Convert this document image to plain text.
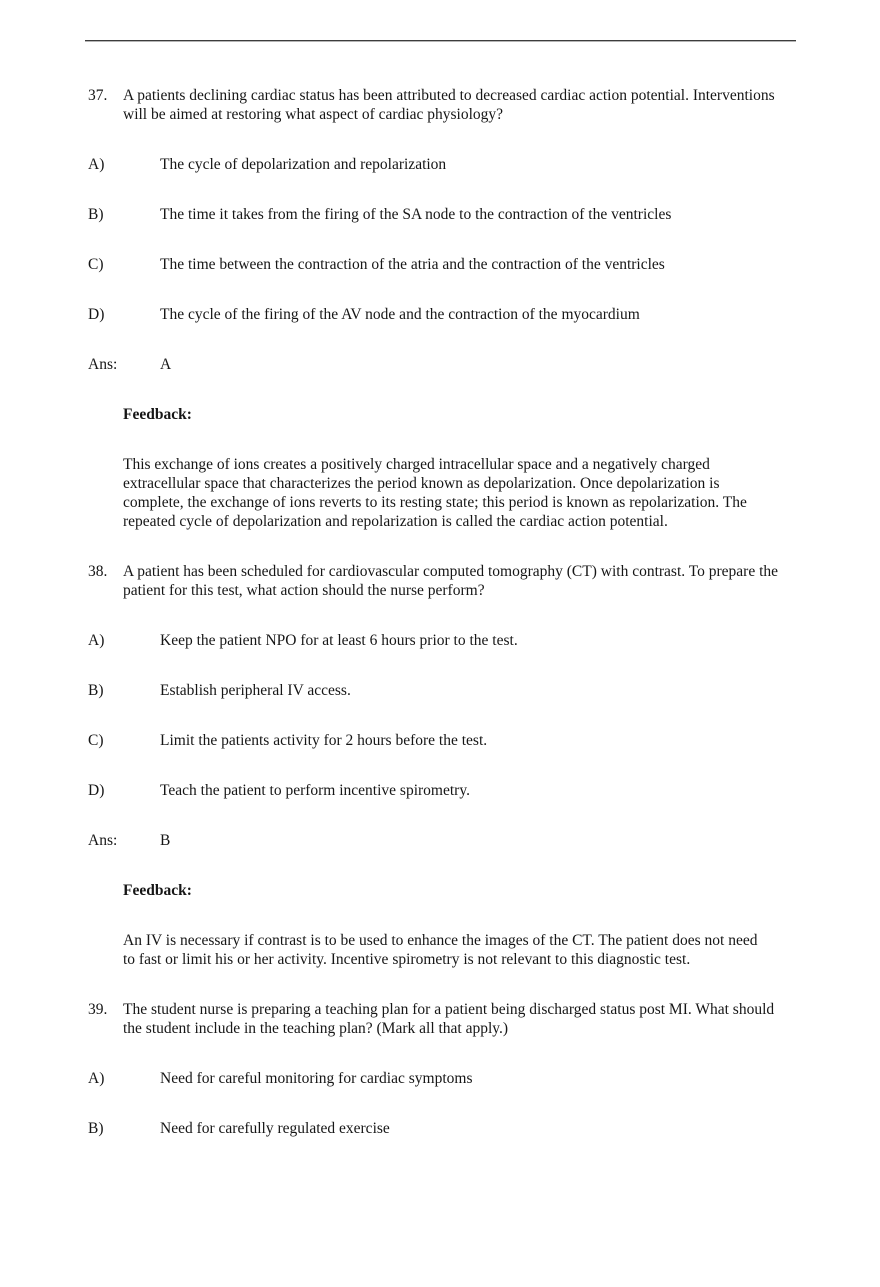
37.	A patients declining cardiac status has been attributed to decreased cardiac action potential. Interventions will be aimed at restoring what aspect of cardiac physiology?

A)	The cycle of depolarization and repolarization

B)	The time it takes from the firing of the SA node to the contraction of the ventricles

C)	The time between the contraction of the atria and the contraction of the ventricles

D)	The cycle of the firing of the AV node and the contraction of the myocardium

Ans:	A
Feedback:

This exchange of ions creates a positively charged intracellular space and a negatively charged extracellular space that characterizes the period known as depolarization. Once depolarization is complete, the exchange of ions reverts to its resting state; this period is known as repolarization. The repeated cycle of depolarization and repolarization is called the cardiac action potential.

38.	A patient has been scheduled for cardiovascular computed tomography (CT) with contrast. To prepare the patient for this test, what action should the nurse perform?

A)	Keep the patient NPO for at least 6 hours prior to the test.

B)	Establish peripheral IV access.

C)	Limit the patients activity for 2 hours before the test.

D)	Teach the patient to perform incentive spirometry.

Ans:	B
Feedback:

An IV is necessary if contrast is to be used to enhance the images of the CT. The patient does not need to fast or limit his or her activity. Incentive spirometry is not relevant to this diagnostic test.

39.	The student nurse is preparing a teaching plan for a patient being discharged status post MI. What should the student include in the teaching plan? (Mark all that apply.)

A)	Need for careful monitoring for cardiac symptoms

B)	Need for carefully regulated exercise
